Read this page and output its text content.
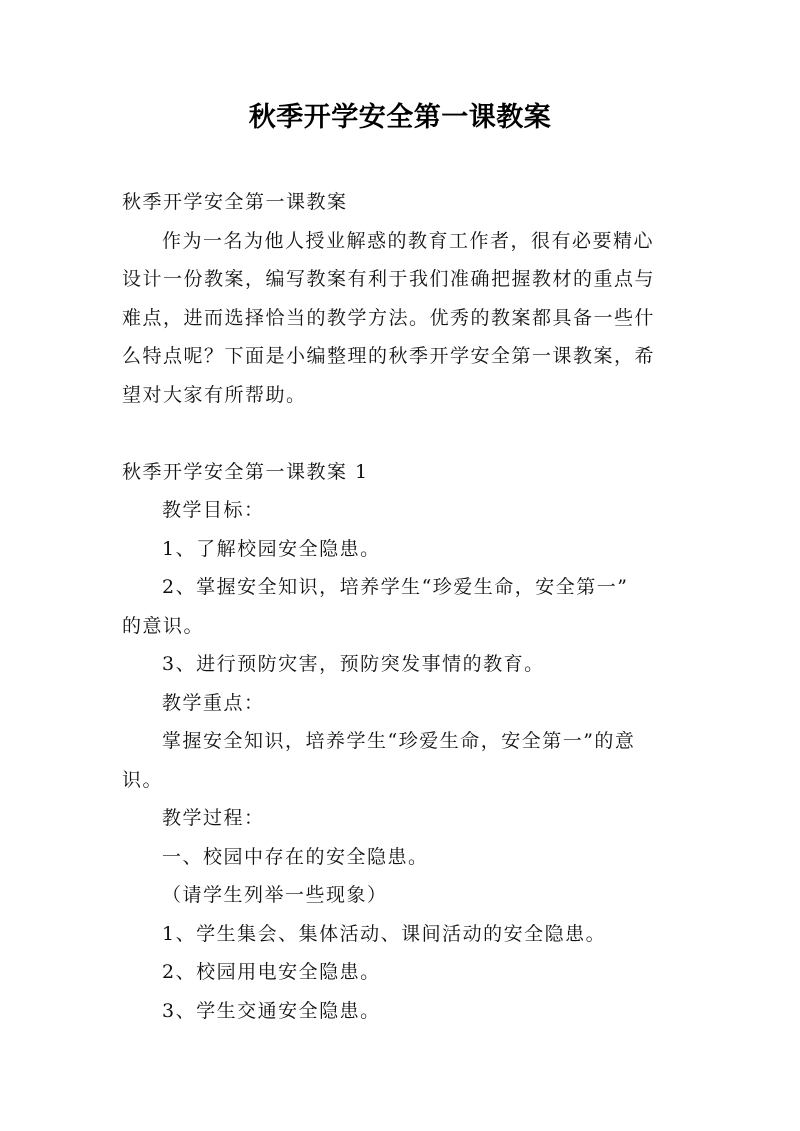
秋季开学安全第一课教案
秋季开学安全第一课教案
作为一名为他人授业解惑的教育工作者，很有必要精心
设计一份教案，编写教案有利于我们准确把握教材的重点与
难点，进而选择恰当的教学方法。优秀的教案都具备一些什
么特点呢？下面是小编整理的秋季开学安全第一课教案，希
望对大家有所帮助。
秋季开学安全第一课教案 1
教学目标：
1、了解校园安全隐患。
2、掌握安全知识，培养学生“珍爱生命，安全第一”
的意识。
3、进行预防灾害，预防突发事情的教育。
教学重点：
掌握安全知识，培养学生“珍爱生命，安全第一”的意
识。
教学过程：
一、校园中存在的安全隐患。
（请学生列举一些现象）
1、学生集会、集体活动、课间活动的安全隐患。
2、校园用电安全隐患。
3、学生交通安全隐患。
